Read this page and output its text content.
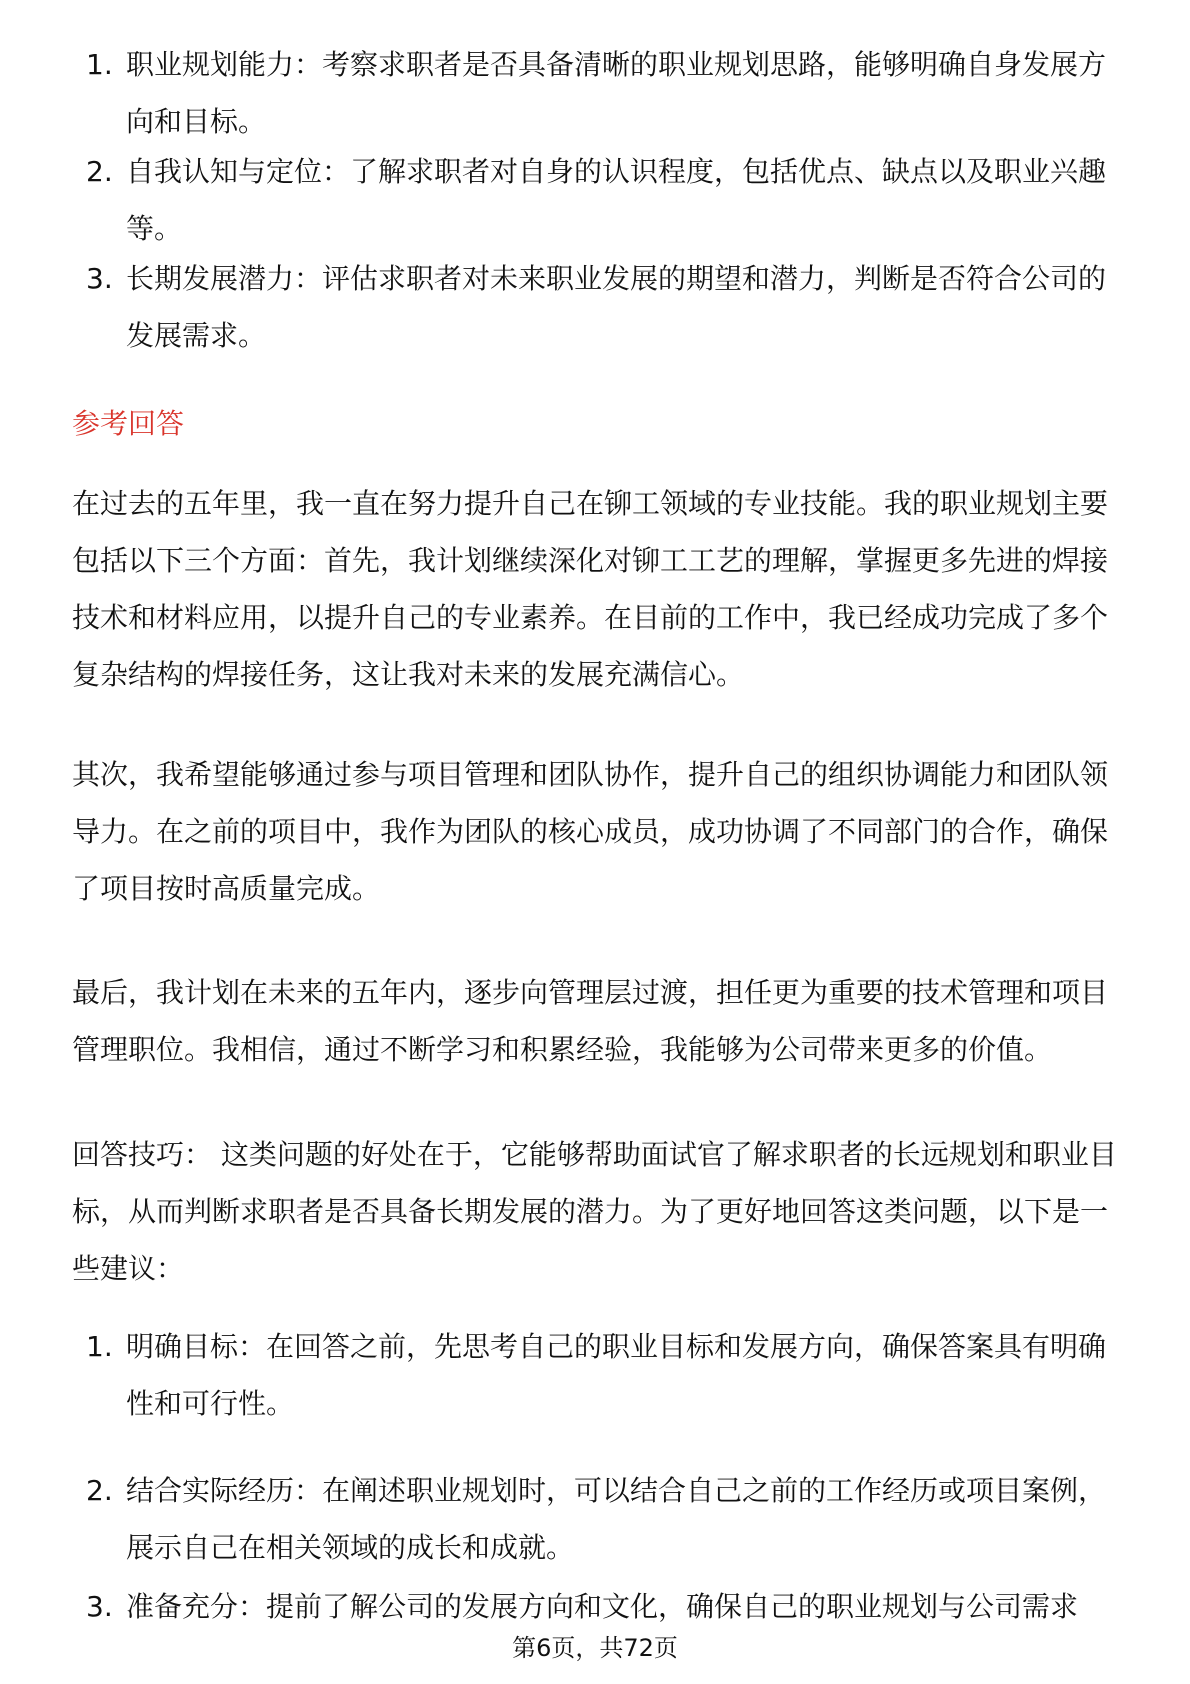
1. 职业规划能力：考察求职者是否具备清晰的职业规划思路，能够明确自身发展方向和目标。
2. 自我认知与定位：了解求职者对自身的认识程度，包括优点、缺点以及职业兴趣等。
3. 长期发展潜力：评估求职者对未来职业发展的期望和潜力，判断是否符合公司的发展需求。
参考回答

在过去的五年里，我一直在努力提升自己在铆工领域的专业技能。我的职业规划主要包括以下三个方面：首先，我计划继续深化对铆工工艺的理解，掌握更多先进的焊接技术和材料应用，以提升自己的专业素养。在目前的工作中，我已经成功完成了多个复杂结构的焊接任务，这让我对未来的发展充满信心。

其次，我希望能够通过参与项目管理和团队协作，提升自己的组织协调能力和团队领导力。在之前的项目中，我作为团队的核心成员，成功协调了不同部门的合作，确保了项目按时高质量完成。

最后，我计划在未来的五年内，逐步向管理层过渡，担任更为重要的技术管理和项目管理职位。我相信，通过不断学习和积累经验，我能够为公司带来更多的价值。

回答技巧： 这类问题的好处在于，它能够帮助面试官了解求职者的长远规划和职业目标，从而判断求职者是否具备长期发展的潜力。为了更好地回答这类问题，以下是一些建议：

1. 明确目标：在回答之前，先思考自己的职业目标和发展方向，确保答案具有明确性和可行性。
2. 结合实际经历：在阐述职业规划时，可以结合自己之前的工作经历或项目案例，展示自己在相关领域的成长和成就。
3. 准备充分：提前了解公司的发展方向和文化，确保自己的职业规划与公司需求
第6页，共72页
